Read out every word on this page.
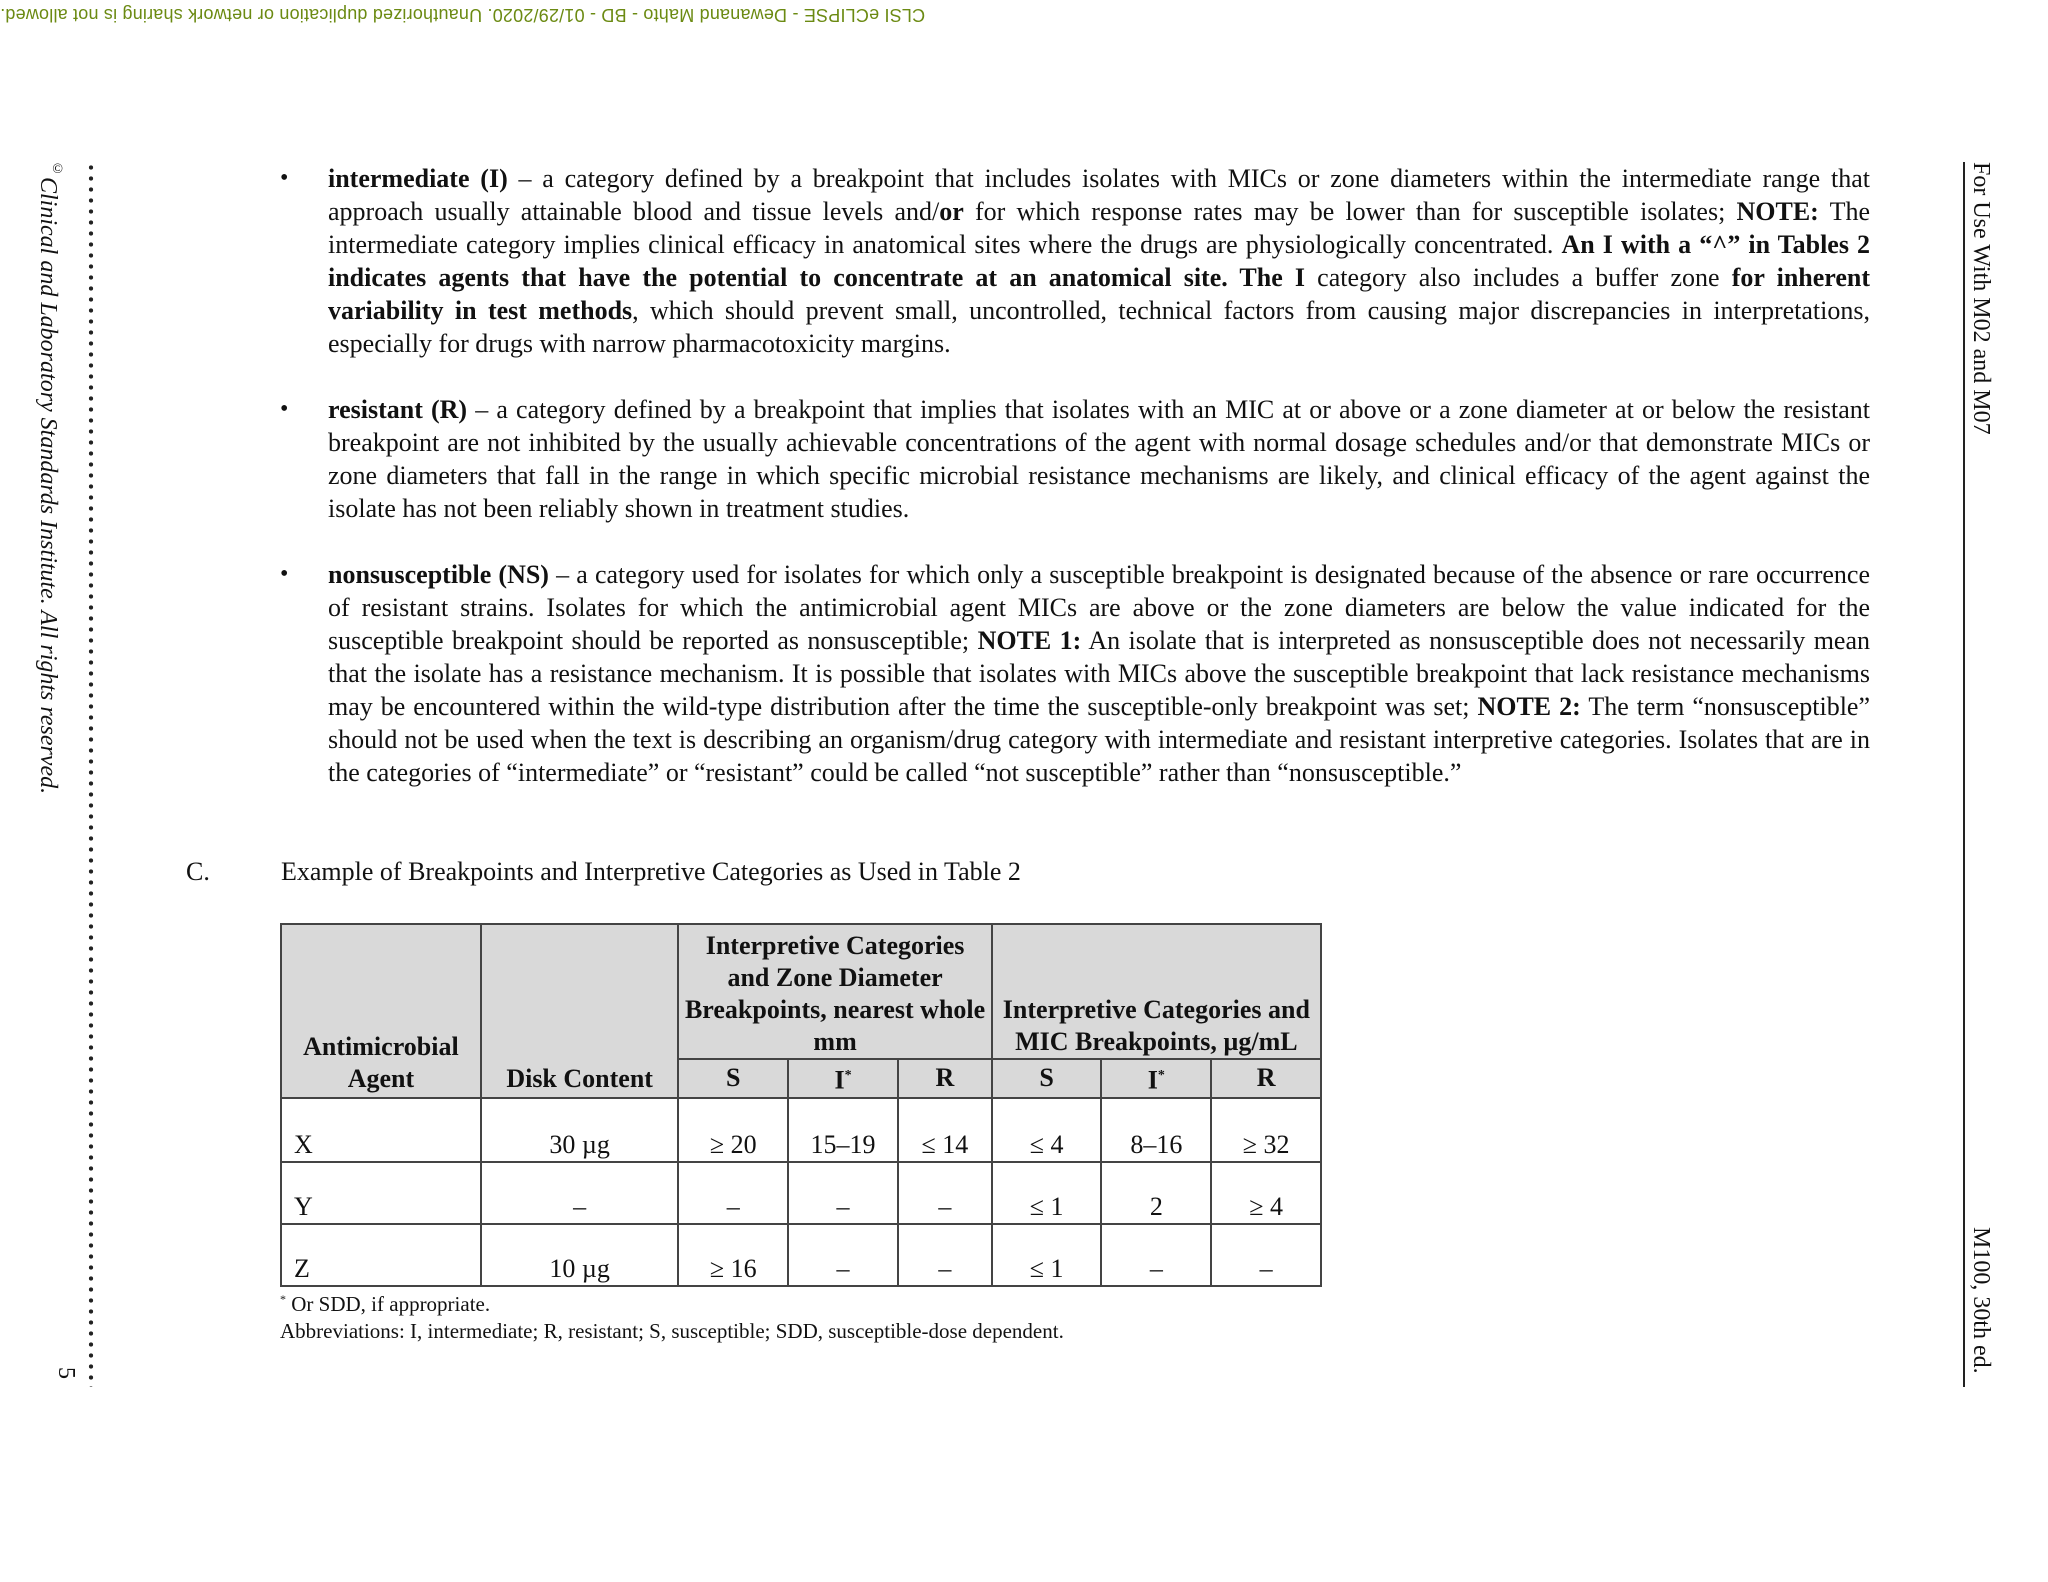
CLSI eCLIPSE - Dewanand Mahto - BD - 01/29/2020. Unauthorized duplication or network sharing is not allowed.
©Clinical and Laboratory Standards Institute. All rights reserved.
5
For Use With M02 and M07
M100, 30th ed.
•	intermediate (I) – a category defined by a breakpoint that includes isolates with MICs or zone diameters within the intermediate range that approach usually attainable blood and tissue levels and/or for which response rates may be lower than for susceptible isolates; NOTE: The intermediate category implies clinical efficacy in anatomical sites where the drugs are physiologically concentrated. An I with a “^” in Tables 2 indicates agents that have the potential to concentrate at an anatomical site. The I category also includes a buffer zone for inherent variability in test methods, which should prevent small, uncontrolled, technical factors from causing major discrepancies in interpretations, especially for drugs with narrow pharmacotoxicity margins.
•	resistant (R) – a category defined by a breakpoint that implies that isolates with an MIC at or above or a zone diameter at or below the resistant breakpoint are not inhibited by the usually achievable concentrations of the agent with normal dosage schedules and/or that demonstrate MICs or zone diameters that fall in the range in which specific microbial resistance mechanisms are likely, and clinical efficacy of the agent against the isolate has not been reliably shown in treatment studies.
•	nonsusceptible (NS) – a category used for isolates for which only a susceptible breakpoint is designated because of the absence or rare occurrence of resistant strains. Isolates for which the antimicrobial agent MICs are above or the zone diameters are below the value indicated for the susceptible breakpoint should be reported as nonsusceptible; NOTE 1: An isolate that is interpreted as nonsusceptible does not necessarily mean that the isolate has a resistance mechanism. It is possible that isolates with MICs above the susceptible breakpoint that lack resistance mechanisms may be encountered within the wild-type distribution after the time the susceptible-only breakpoint was set; NOTE 2: The term “nonsusceptible” should not be used when the text is describing an organism/drug category with intermediate and resistant interpretive categories. Isolates that are in the categories of “intermediate” or “resistant” could be called “not susceptible” rather than “nonsusceptible.”
C.	Example of Breakpoints and Interpretive Categories as Used in Table 2
Antimicrobial Agent	Disk Content	Interpretive Categories and Zone Diameter Breakpoints, nearest whole mm			Interpretive Categories and MIC Breakpoints, µg/mL		
		S	I*	R	S	I*	R
X	30 µg	≥ 20	15–19	≤ 14	≤ 4	8–16	≥ 32
Y	–	–	–	–	≤ 1	2	≥ 4
Z	10 µg	≥ 16	–	–	≤ 1	–	–
* Or SDD, if appropriate.
Abbreviations: I, intermediate; R, resistant; S, susceptible; SDD, susceptible-dose dependent.
